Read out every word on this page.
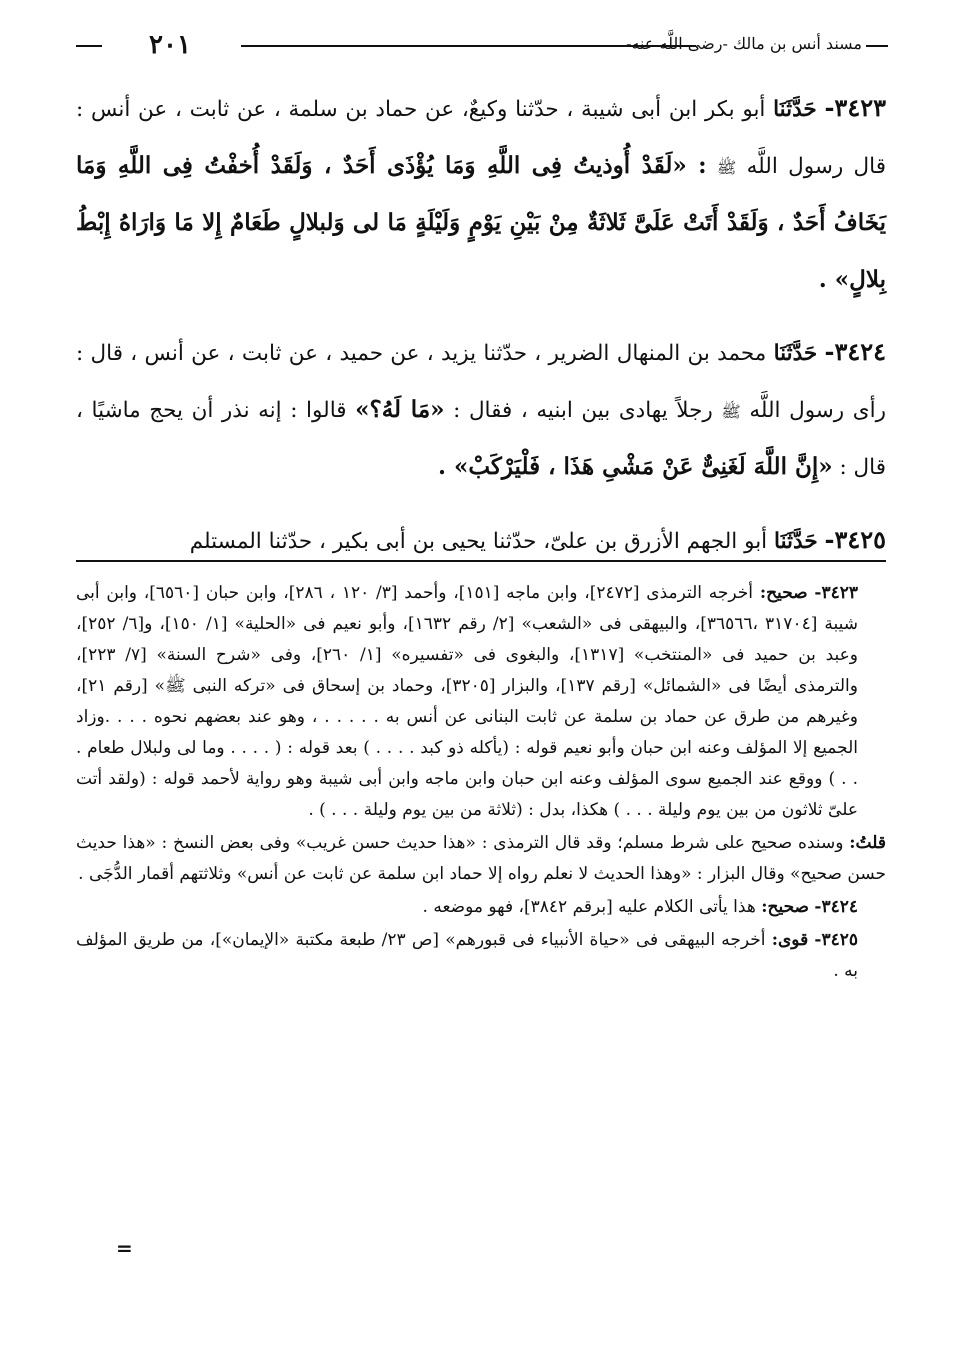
٢٠١	مسند أنس بن مالك -رضى اللَّه عنه-

٣٤٢٣- حَدَّثَنَا أبو بكر ابن أبى شيبة ، حدّثنا وكيعٌ، عن حماد بن سلمة ، عن ثابت ، عن أنس : قال رسول اللَّه ﷺ : «لَقَدْ أُوذيتُ فِى اللَّهِ وَمَا يُؤْذَى أَحَدٌ ، وَلَقَدْ أُخفْتُ فِى اللَّهِ وَمَا يَخَافُ أَحَدٌ ، وَلَقَدْ أَتَتْ عَلَىَّ ثَلاثَةٌ مِنْ بَيْنِ يَوْمٍ وَلَيْلَةٍ مَا لى وَلبلالٍ طَعَامٌ إِلا مَا وَارَاهُ إِبْطُ بِلالٍ» .

٣٤٢٤- حَدَّثَنَا محمد بن المنهال الضرير ، حدّثنا يزيد ، عن حميد ، عن ثابت ، عن أنس ، قال : رأى رسول اللَّه ﷺ رجلاً يهادى بين ابنيه ، فقال : «مَا لَهُ؟» قالوا : إنه نذر أن يحج ماشيًا ، قال : «إِنَّ اللَّهَ لَغَنِىٌّ عَنْ مَشْىِ هَذَا ، فَلْيَرْكَبْ» .

٣٤٢٥- حَدَّثَنَا أبو الجهم الأزرق بن علىّ، حدّثنا يحيى بن أبى بكير ، حدّثنا المستلم

٣٤٢٣- صحيح: أخرجه الترمذى [٢٤٧٢]، وابن ماجه [١٥١]، وأحمد [٣/ ١٢٠ ، ٢٨٦]، وابن حبان [٦٥٦٠]، وابن أبى شيبة [٣١٧٠٤ ،٣٦٥٦٦]، والبيهقى فى «الشعب» [٢/ رقم ١٦٣٢]، وأبو نعيم فى «الحلية» [١/ ١٥٠]، و[٦/ ٢٥٢]، وعبد بن حميد فى «المنتخب» [١٣١٧]، والبغوى فى «تفسيره» [١/ ٢٦٠]، وفى «شرح السنة» [٧/ ٢٢٣]، والترمذى أيضًا فى «الشمائل» [رقم ١٣٧]، والبزار [٣٢٠٥]، وحماد بن إسحاق فى «تركه النبى ﷺ» [رقم ٢١]، وغيرهم من طرق عن حماد بن سلمة عن ثابت البنانى عن أنس به . . . . . ، وهو عند بعضهم نحوه . . . .وزاد الجميع إلا المؤلف وعنه ابن حبان وأبو نعيم قوله : (يأكله ذو كبد . . . . ) بعد قوله : ( . . . . وما لى ولبلال طعام . . . ) ووقع عند الجميع سوى المؤلف وعنه ابن حبان وابن ماجه وابن أبى شيبة وهو رواية لأحمد قوله : (ولقد أتت علىّ ثلاثون من بين يوم وليلة . . . ) هكذا، بدل : (ثلاثة من بين يوم وليلة . . . ) .

قلتُ: وسنده صحيح على شرط مسلم؛ وقد قال الترمذى : «هذا حديث حسن غريب» وفى بعض النسخ : «هذا حديث حسن صحيح» وقال البزار : «وهذا الحديث لا نعلم رواه إلا حماد ابن سلمة عن ثابت عن أنس» وثلاثتهم أقمار الدُّجَى .

٣٤٢٤- صحيح: هذا يأتى الكلام عليه [برقم ٣٨٤٢]، فهو موضعه .

٣٤٢٥- قوى: أخرجه البيهقى فى «حياة الأنبياء فى قبورهم» [ص ٢٣/ طبعة مكتبة «الإيمان»]، من طريق المؤلف به .

=
